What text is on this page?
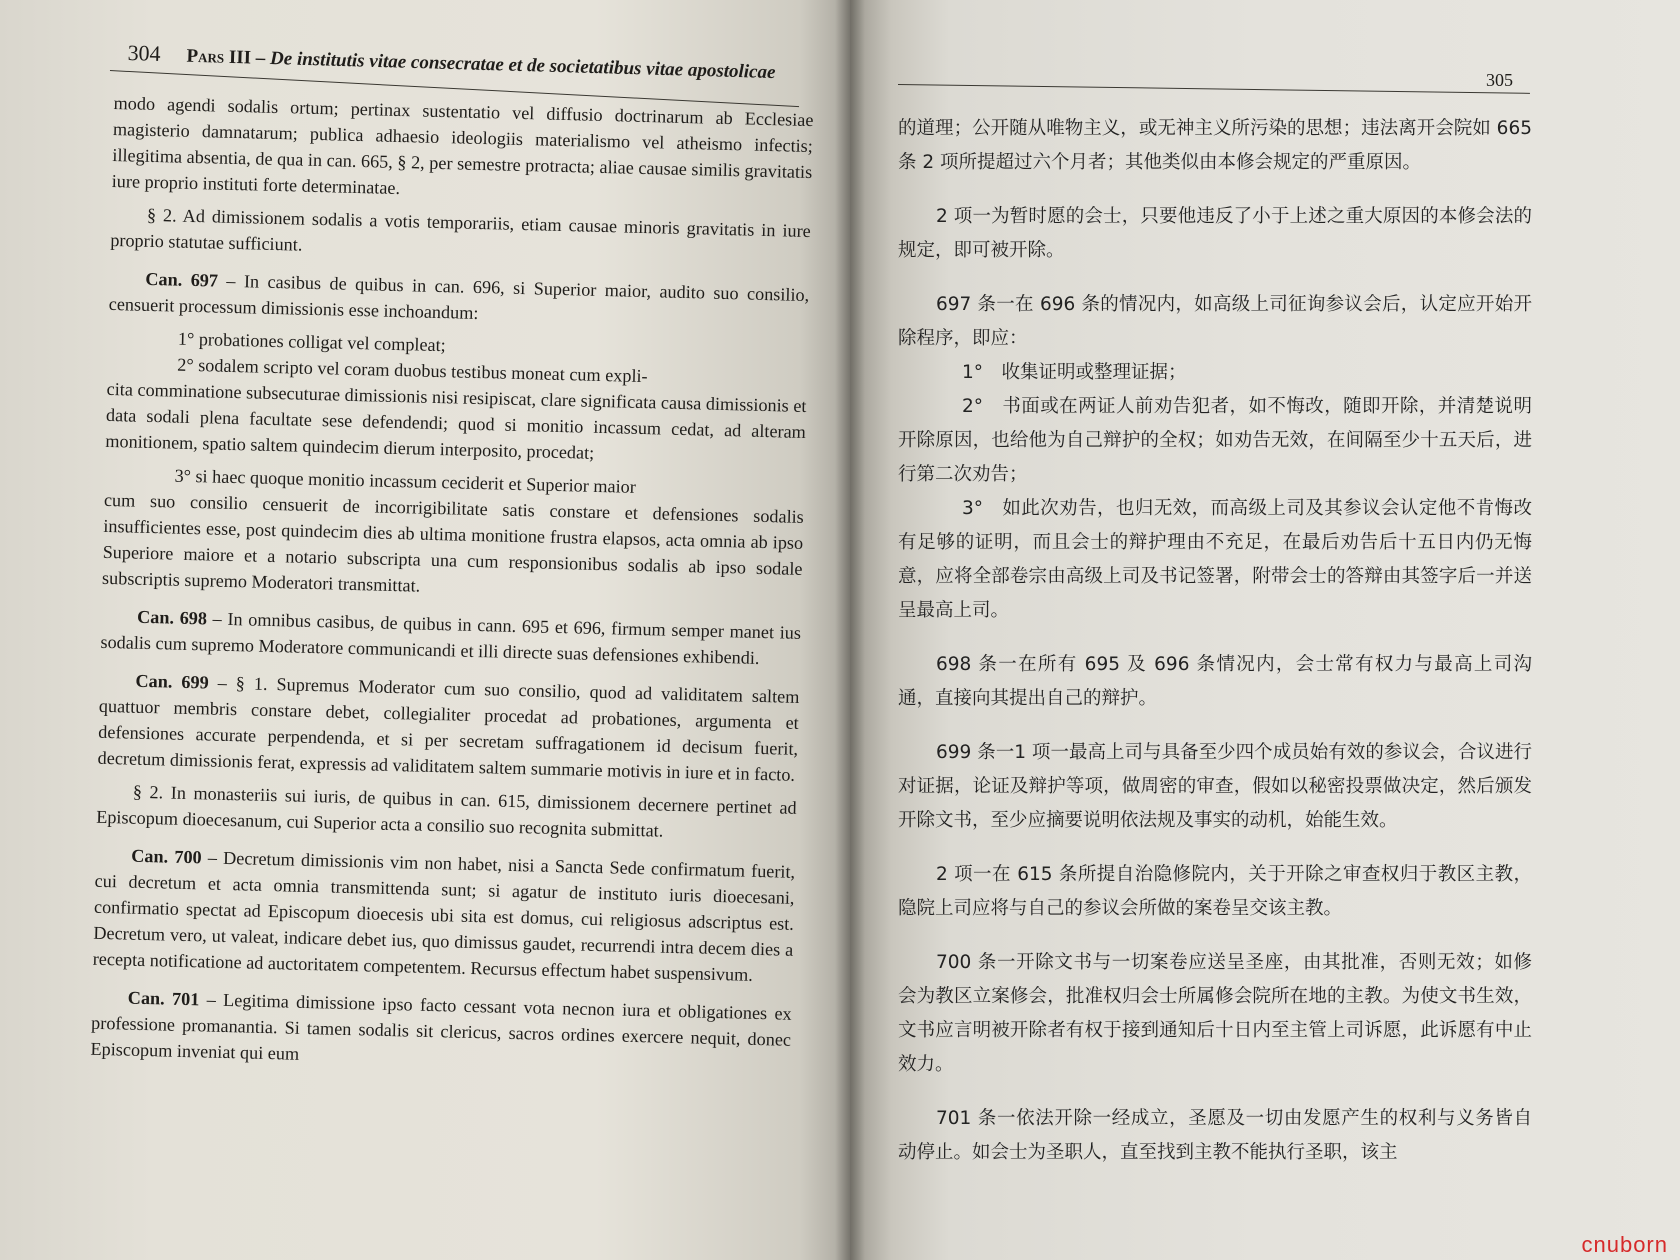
304 Pars III – De institutis vitae consecratae et de societatibus vitae apostolicae

modo agendi sodalis ortum; pertinax sustentatio vel diffusio doctrinarum ab Ecclesiae magisterio damnatarum; publica adhaesio ideologiis materialismo vel atheismo infectis; illegitima absentia, de qua in can. 665, § 2, per semestre protracta; aliae causae similis gravitatis iure proprio instituti forte determinatae.

§ 2. Ad dimissionem sodalis a votis temporariis, etiam causae minoris gravitatis in iure proprio statutae sufficiunt.

Can. 697 – In casibus de quibus in can. 696, si Superior maior, audito suo consilio, censuerit processum dimissionis esse inchoandum:

1° probationes colligat vel compleat;

2° sodalem scripto vel coram duobus testibus moneat cum expli-

cita comminatione subsecuturae dimissionis nisi resipiscat, clare significata causa dimissionis et data sodali plena facultate sese defendendi; quod si monitio incassum cedat, ad alteram monitionem, spatio saltem quindecim dierum interposito, procedat;

3° si haec quoque monitio incassum ceciderit et Superior maior

cum suo consilio censuerit de incorrigibilitate satis constare et defensiones sodalis insufficientes esse, post quindecim dies ab ultima monitione frustra elapsos, acta omnia ab ipso Superiore maiore et a notario subscripta una cum responsionibus sodalis ab ipso sodale subscriptis supremo Moderatori transmittat.

Can. 698 – In omnibus casibus, de quibus in cann. 695 et 696, firmum semper manet ius sodalis cum supremo Moderatore communicandi et illi directe suas defensiones exhibendi.

Can. 699 – § 1. Supremus Moderator cum suo consilio, quod ad validitatem saltem quattuor membris constare debet, collegialiter procedat ad probationes, argumenta et defensiones accurate perpendenda, et si per secretam suffragationem id decisum fuerit, decretum dimissionis ferat, expressis ad validitatem saltem summarie motivis in iure et in facto.

§ 2. In monasteriis sui iuris, de quibus in can. 615, dimissionem decernere pertinet ad Episcopum dioecesanum, cui Superior acta a consilio suo recognita submittat.

Can. 700 – Decretum dimissionis vim non habet, nisi a Sancta Sede confirmatum fuerit, cui decretum et acta omnia transmittenda sunt; si agatur de instituto iuris dioecesani, confirmatio spectat ad Episcopum dioecesis ubi sita est domus, cui religiosus adscriptus est. Decretum vero, ut valeat, indicare debet ius, quo dimissus gaudet, recurrendi intra decem dies a recepta notificatione ad auctoritatem competentem. Recursus effectum habet suspensivum.

Can. 701 – Legitima dimissione ipso facto cessant vota necnon iura et obligationes ex professione promanantia. Si tamen sodalis sit clericus, sacros ordines exercere nequit, donec Episcopum inveniat qui eum

305

的道理；公开随从唯物主义，或无神主义所污染的思想；违法离开会院如 665 条 2 项所提超过六个月者；其他类似由本修会规定的严重原因。

2 项一为暂时愿的会士，只要他违反了小于上述之重大原因的本修会法的规定，即可被开除。

697 条一在 696 条的情况内，如高级上司征询参议会后，认定应开始开除程序，即应：

1°　收集证明或整理证据；

2°　书面或在两证人前劝告犯者，如不悔改，随即开除，并清楚说明开除原因，也给他为自己辩护的全权；如劝告无效，在间隔至少十五天后，进行第二次劝告；

3°　如此次劝告，也归无效，而高级上司及其参议会认定他不肯悔改有足够的证明，而且会士的辩护理由不充足，在最后劝告后十五日内仍无悔意，应将全部卷宗由高级上司及书记签署，附带会士的答辩由其签字后一并送呈最高上司。

698 条一在所有 695 及 696 条情况内，会士常有权力与最高上司沟通，直接向其提出自己的辩护。

699 条一1 项一最高上司与具备至少四个成员始有效的参议会，合议进行对证据，论证及辩护等项，做周密的审查，假如以秘密投票做决定，然后颁发开除文书，至少应摘要说明依法规及事实的动机，始能生效。

2 项一在 615 条所提自治隐修院内，关于开除之审查权归于教区主教，隐院上司应将与自己的参议会所做的案卷呈交该主教。

700 条一开除文书与一切案卷应送呈圣座，由其批准，否则无效；如修会为教区立案修会，批准权归会士所属修会院所在地的主教。为使文书生效，文书应言明被开除者有权于接到通知后十日内至主管上司诉愿，此诉愿有中止效力。

701 条一依法开除一经成立，圣愿及一切由发愿产生的权利与义务皆自动停止。如会士为圣职人，直至找到主教不能执行圣职，该主

cnuborn
